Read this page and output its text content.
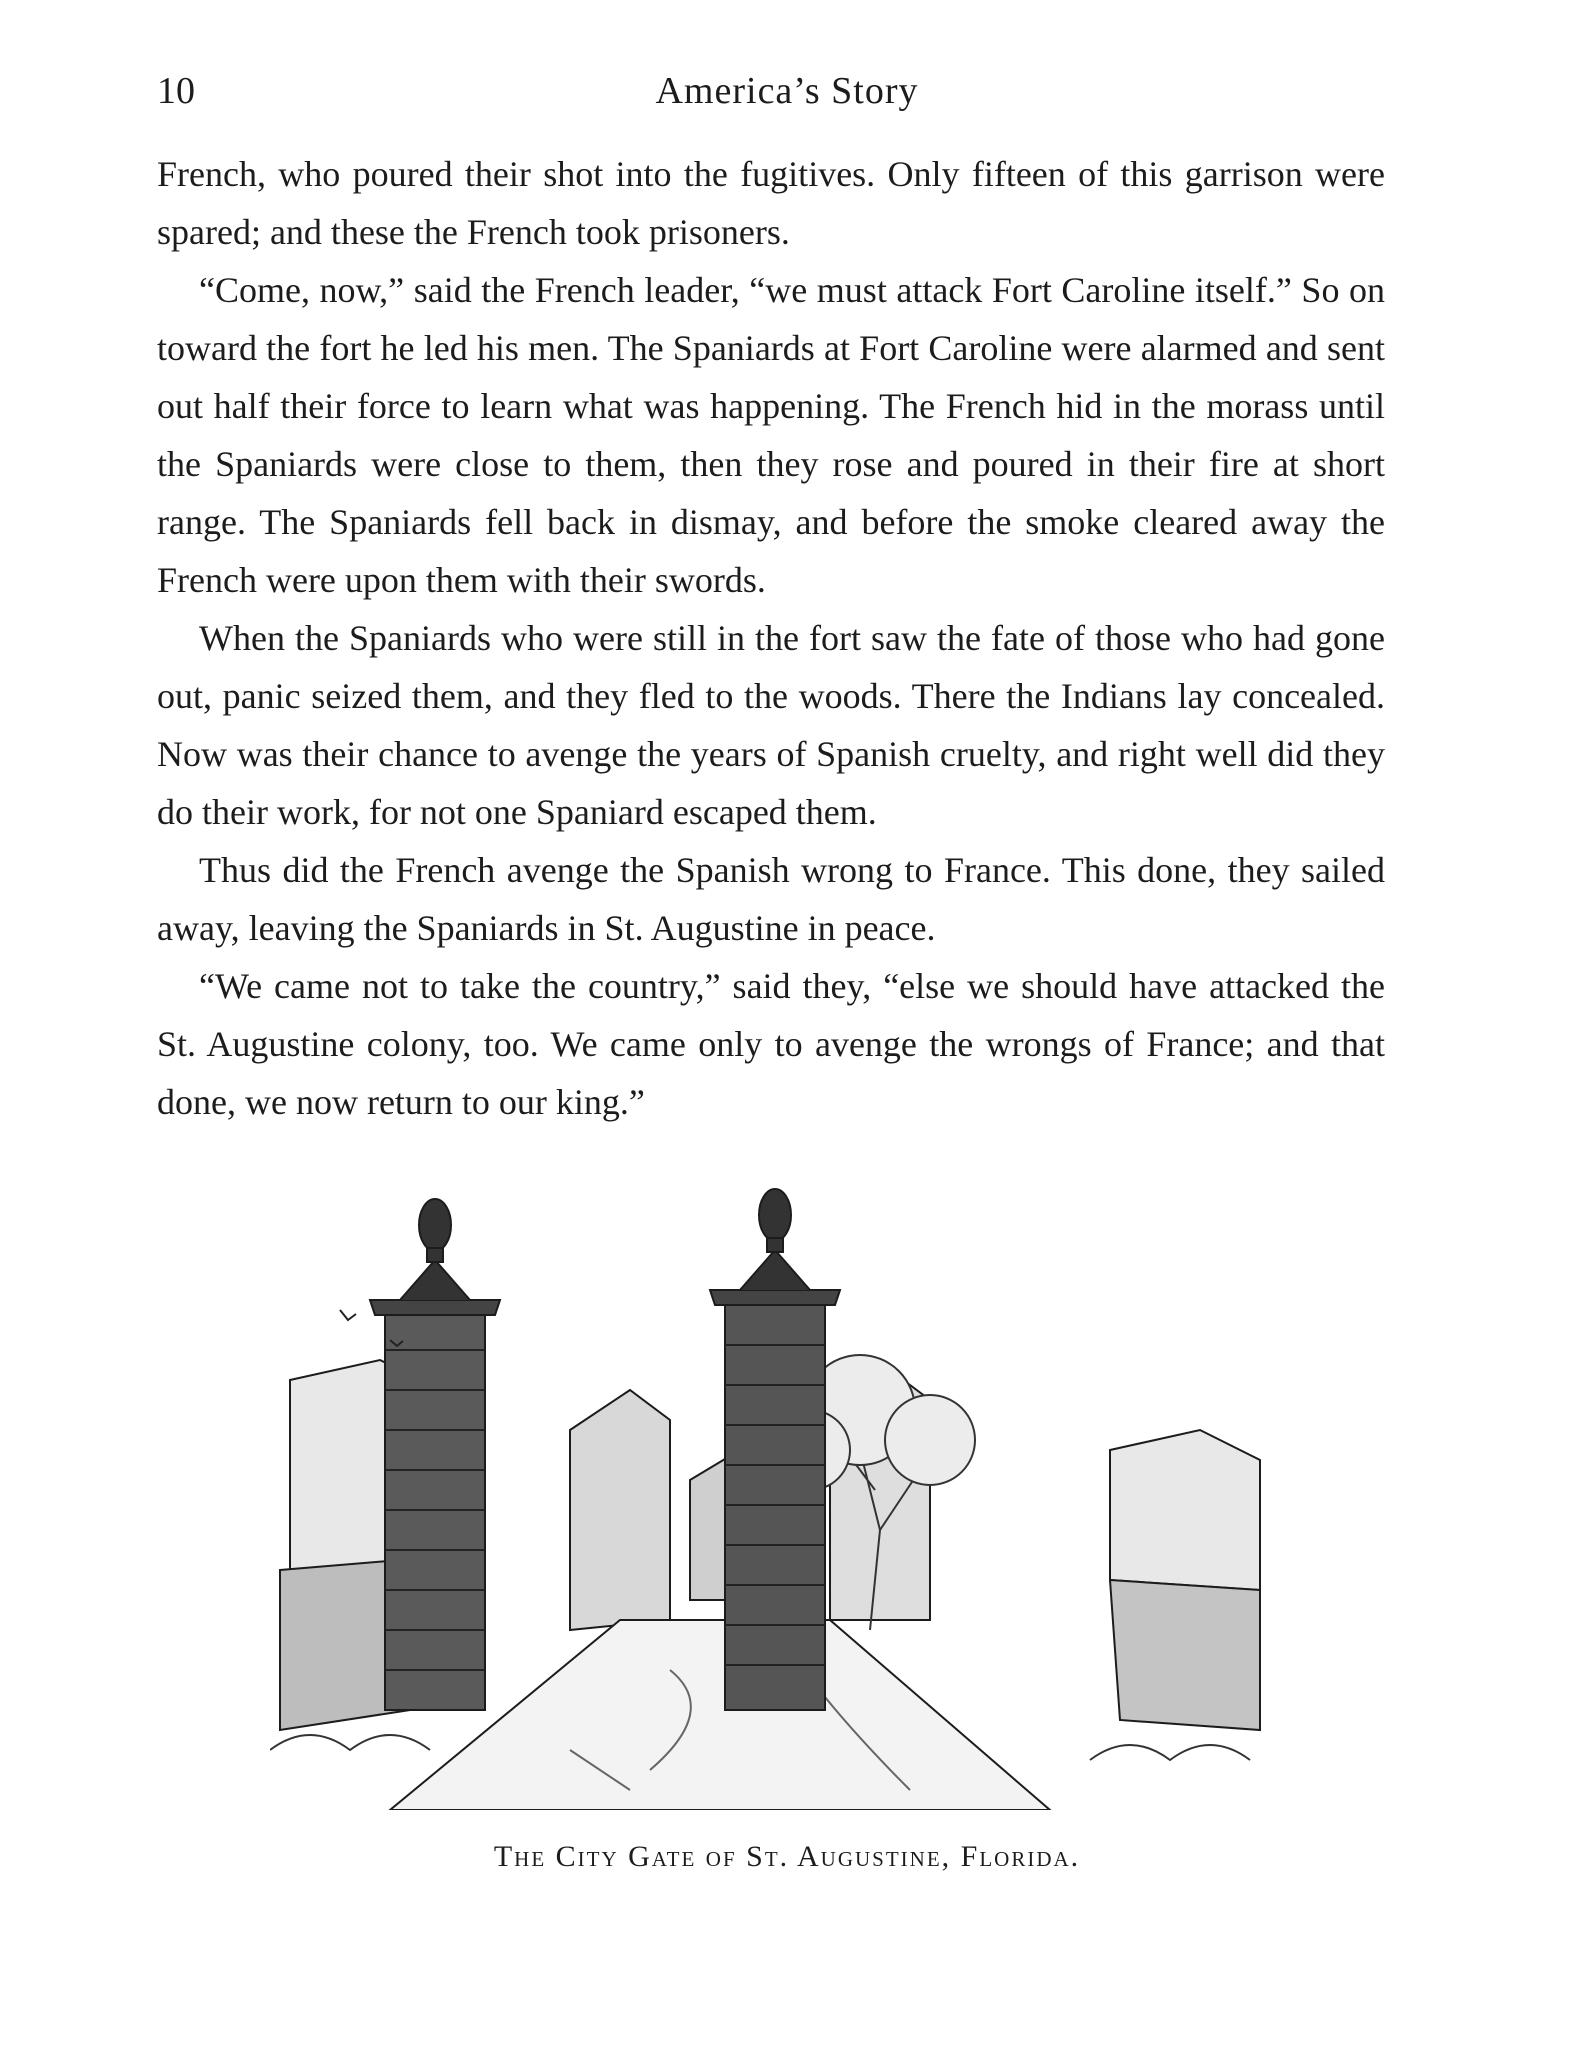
10	America’s Story

French, who poured their shot into the fugitives. Only fifteen of this garrison were spared; and these the French took prisoners.

“Come, now,” said the French leader, “we must attack Fort Caroline itself.” So on toward the fort he led his men. The Spaniards at Fort Caroline were alarmed and sent out half their force to learn what was happening. The French hid in the morass until the Spaniards were close to them, then they rose and poured in their fire at short range. The Spaniards fell back in dismay, and before the smoke cleared away the French were upon them with their swords.

When the Spaniards who were still in the fort saw the fate of those who had gone out, panic seized them, and they fled to the woods. There the Indians lay concealed. Now was their chance to avenge the years of Spanish cruelty, and right well did they do their work, for not one Spaniard escaped them.

Thus did the French avenge the Spanish wrong to France. This done, they sailed away, leaving the Spaniards in St. Augustine in peace.

“We came not to take the country,” said they, “else we should have attacked the St. Augustine colony, too. We came only to avenge the wrongs of France; and that done, we now return to our king.”

The City Gate of St. Augustine, Florida.
